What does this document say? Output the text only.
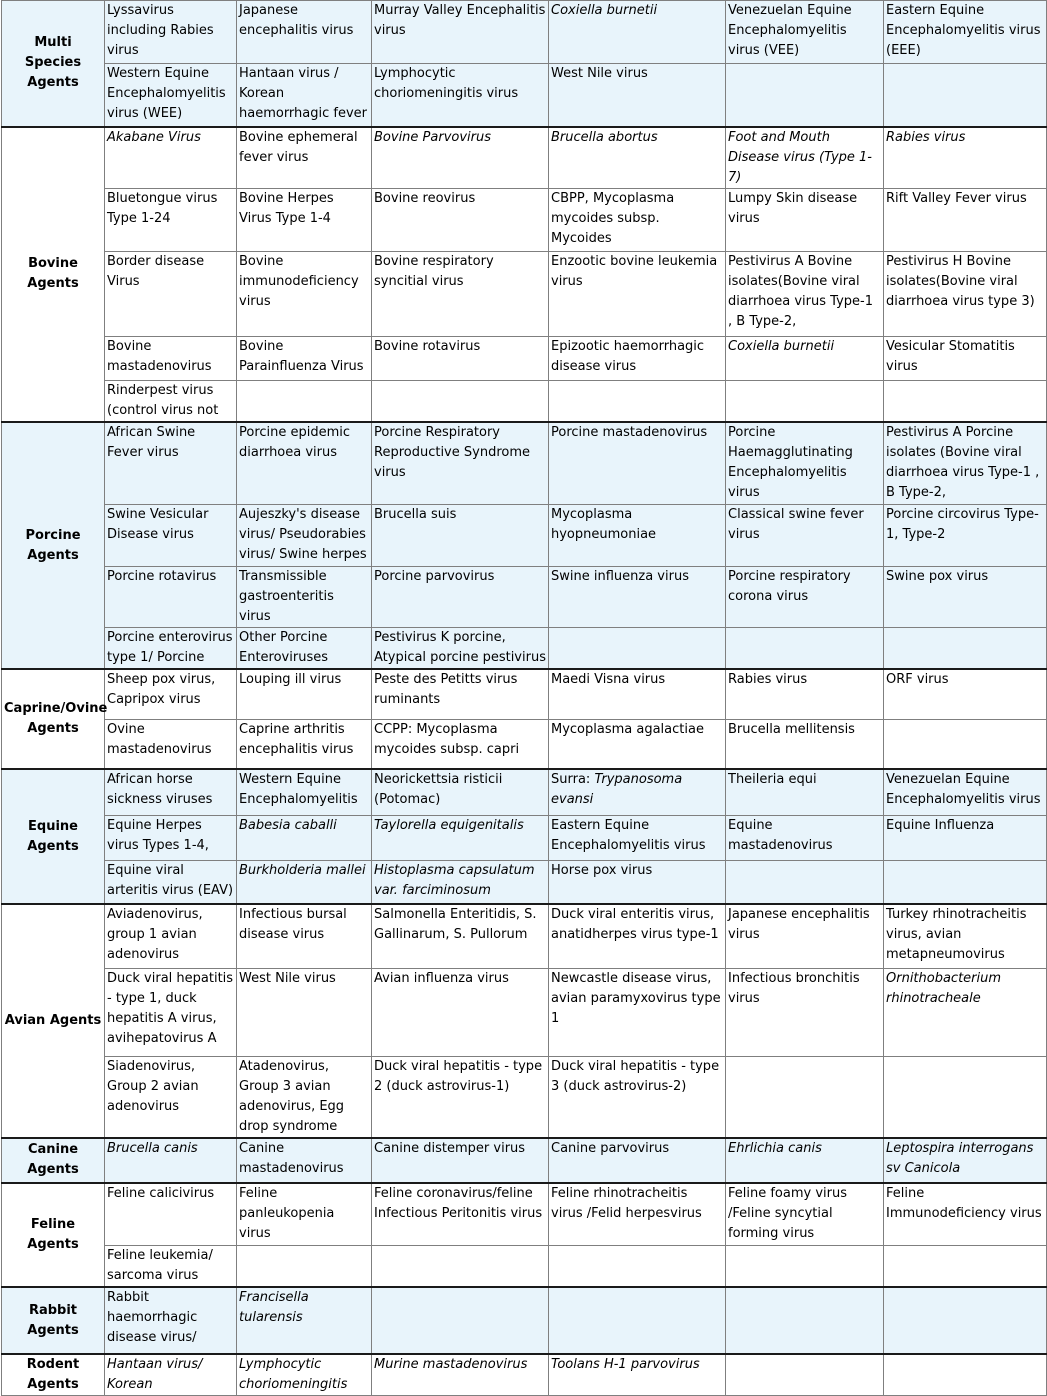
Multi Species
Agents	Lyssavirus including Rabies virus	Japanese encephalitis virus	Murray Valley Encephalitis virus	Coxiella burnetii	Venezuelan Equine Encephalomyelitis virus (VEE)	Eastern Equine Encephalomyelitis virus (EEE)
	Western Equine Encephalomyelitis virus (WEE)	Hantaan virus / Korean haemorrhagic fever	Lymphocytic choriomeningitis virus	West Nile virus		
Bovine Agents	Akabane Virus	Bovine ephemeral fever virus	Bovine Parvovirus	Brucella abortus	Foot and Mouth Disease virus (Type 1-7)	Rabies virus
	Bluetongue virus Type 1-24	Bovine Herpes Virus Type 1-4	Bovine reovirus	CBPP, Mycoplasma mycoides subsp. Mycoides	Lumpy Skin disease virus	Rift Valley Fever virus
	Border disease Virus	Bovine immunodeficiency virus	Bovine respiratory syncitial virus	Enzootic bovine leukemia virus	Pestivirus A Bovine isolates(Bovine viral diarrhoea virus Type-1 , B Type-2,	Pestivirus H Bovine isolates(Bovine viral diarrhoea virus type 3)
	Bovine mastadenovirus	Bovine Parainfluenza Virus	Bovine rotavirus	Epizootic haemorrhagic disease virus	Coxiella burnetii	Vesicular Stomatitis virus
	Rinderpest virus (control virus not					
Porcine
Agents	African Swine Fever virus	Porcine epidemic diarrhoea virus	Porcine Respiratory Reproductive Syndrome virus	Porcine mastadenovirus	Porcine Haemagglutinating Encephalomyelitis virus	Pestivirus A Porcine isolates (Bovine viral diarrhoea virus Type-1 , B Type-2,
	Swine Vesicular Disease virus	Aujeszky's disease virus/ Pseudorabies virus/ Swine herpes	Brucella suis	Mycoplasma hyopneumoniae	Classical swine fever virus	Porcine circovirus Type-1, Type-2
	Porcine rotavirus	Transmissible gastroenteritis virus	Porcine parvovirus	Swine influenza virus	Porcine respiratory corona virus	Swine pox virus
	Porcine enterovirus type 1/ Porcine	Other Porcine Enteroviruses	Pestivirus K porcine, Atypical porcine pestivirus			
Caprine/Ovine
Agents	Sheep pox virus, Capripox virus	Louping ill virus	Peste des Petitts virus ruminants	Maedi Visna virus	Rabies virus	ORF virus
	Ovine mastadenovirus	Caprine arthritis encephalitis virus	CCPP: Mycoplasma mycoides subsp. capri	Mycoplasma agalactiae	Brucella mellitensis	
Equine Agents	African horse sickness viruses	Western Equine Encephalomyelitis	Neorickettsia risticii (Potomac)	Surra: Trypanosoma evansi	Theileria equi	Venezuelan Equine Encephalomyelitis virus
	Equine Herpes virus Types 1-4,	Babesia caballi	Taylorella equigenitalis	Eastern Equine Encephalomyelitis virus	Equine mastadenovirus	Equine Influenza
	Equine viral arteritis virus (EAV)	Burkholderia mallei	Histoplasma capsulatum var. farciminosum	Horse pox virus		
Avian Agents	Aviadenovirus, group 1 avian adenovirus	Infectious bursal disease virus	Salmonella Enteritidis, S. Gallinarum, S. Pullorum	Duck viral enteritis virus, anatidherpes virus type-1	Japanese encephalitis virus	Turkey rhinotracheitis virus, avian metapneumovirus
	Duck viral hepatitis - type 1, duck hepatitis A virus, avihepatovirus A	West Nile virus	Avian influenza virus	Newcastle disease virus, avian paramyxovirus type 1	Infectious bronchitis virus	Ornithobacterium rhinotracheale
	Siadenovirus, Group 2 avian adenovirus	Atadenovirus, Group 3 avian adenovirus, Egg drop syndrome	Duck viral hepatitis - type 2 (duck astrovirus-1)	Duck viral hepatitis - type 3 (duck astrovirus-2)		
Canine Agents	Brucella canis	Canine mastadenovirus	Canine distemper virus	Canine parvovirus	Ehrlichia canis	Leptospira interrogans sv Canicola
Feline Agents	Feline calicivirus	Feline panleukopenia virus	Feline coronavirus/feline Infectious Peritonitis virus	Feline rhinotracheitis virus /Felid herpesvirus	Feline foamy virus /Feline syncytial forming virus	Feline Immunodeficiency virus
	Feline leukemia/ sarcoma virus					
Rabbit Agents	Rabbit haemorrhagic disease virus/	Francisella tularensis				
Rodent Agents	Hantaan virus/ Korean	Lymphocytic choriomeningitis	Murine mastadenovirus	Toolans H-1 parvovirus		
